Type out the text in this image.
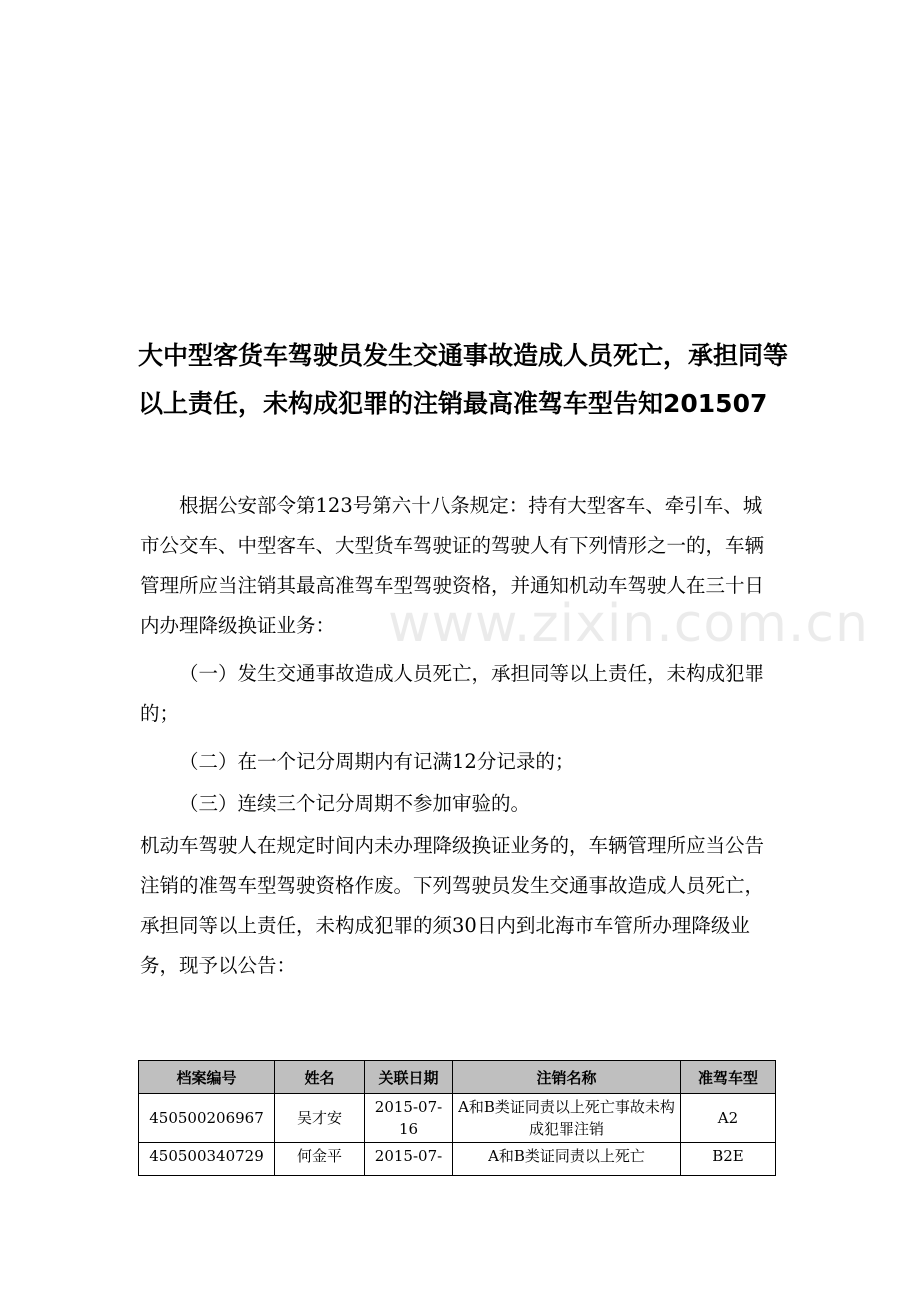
www.zixin.com.cn
大中型客货车驾驶员发生交通事故造成人员死亡，承担同等以上责任，未构成犯罪的注销最高准驾车型告知201507

根据公安部令第123号第六十八条规定：持有大型客车、牵引车、城市公交车、中型客车、大型货车驾驶证的驾驶人有下列情形之一的，车辆管理所应当注销其最高准驾车型驾驶资格，并通知机动车驾驶人在三十日内办理降级换证业务：

（一）发生交通事故造成人员死亡，承担同等以上责任，未构成犯罪的；

（二）在一个记分周期内有记满12分记录的；

（三）连续三个记分周期不参加审验的。

机动车驾驶人在规定时间内未办理降级换证业务的，车辆管理所应当公告注销的准驾车型驾驶资格作废。下列驾驶员发生交通事故造成人员死亡，承担同等以上责任，未构成犯罪的须30日内到北海市车管所办理降级业务，现予以公告：

档案编号	姓名	关联日期	注销名称	准驾车型
450500206967	吴才安	2015-07-16	A和B类证同责以上死亡事故未构成犯罪注销	A2
450500340729	何金平	2015-07-	A和B类证同责以上死亡	B2E
